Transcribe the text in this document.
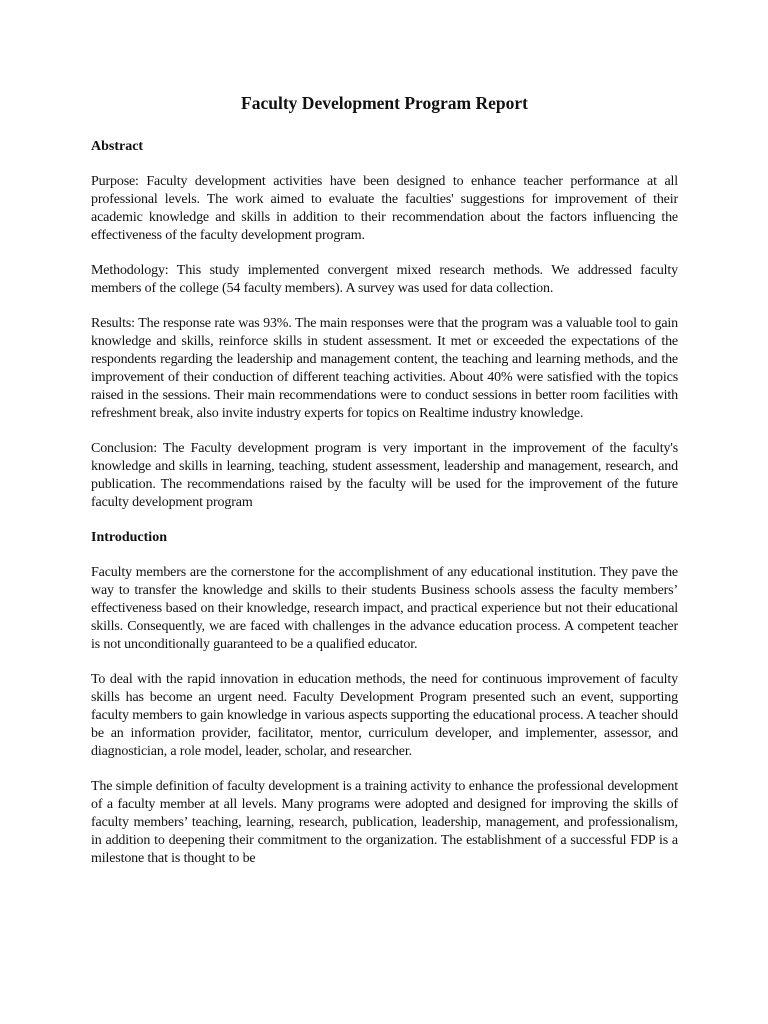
Faculty Development Program Report

Abstract

Purpose: Faculty development activities have been designed to enhance teacher performance at all professional levels. The work aimed to evaluate the faculties' suggestions for improvement of their academic knowledge and skills in addition to their recommendation about the factors influencing the effectiveness of the faculty development program.

Methodology: This study implemented convergent mixed research methods. We addressed faculty members of the college (54 faculty members). A survey was used for data collection.

Results: The response rate was 93%. The main responses were that the program was a valuable tool to gain knowledge and skills, reinforce skills in student assessment. It met or exceeded the expectations of the respondents regarding the leadership and management content, the teaching and learning methods, and the improvement of their conduction of different teaching activities. About 40% were satisfied with the topics raised in the sessions. Their main recommendations were to conduct sessions in better room facilities with refreshment break, also invite industry experts for topics on Realtime industry knowledge.

Conclusion: The Faculty development program is very important in the improvement of the faculty's knowledge and skills in learning, teaching, student assessment, leadership and management, research, and publication. The recommendations raised by the faculty will be used for the improvement of the future faculty development program

Introduction

Faculty members are the cornerstone for the accomplishment of any educational institution. They pave the way to transfer the knowledge and skills to their students Business schools assess the faculty members’ effectiveness based on their knowledge, research impact, and practical experience but not their educational skills. Consequently, we are faced with challenges in the advance education process. A competent teacher is not unconditionally guaranteed to be a qualified educator.

To deal with the rapid innovation in education methods, the need for continuous improvement of faculty skills has become an urgent need. Faculty Development Program presented such an event, supporting faculty members to gain knowledge in various aspects supporting the educational process. A teacher should be an information provider, facilitator, mentor, curriculum developer, and implementer, assessor, and diagnostician, a role model, leader, scholar, and researcher.

The simple definition of faculty development is a training activity to enhance the professional development of a faculty member at all levels. Many programs were adopted and designed for improving the skills of faculty members’ teaching, learning, research, publication, leadership, management, and professionalism, in addition to deepening their commitment to the organization. The establishment of a successful FDP is a milestone that is thought to be
